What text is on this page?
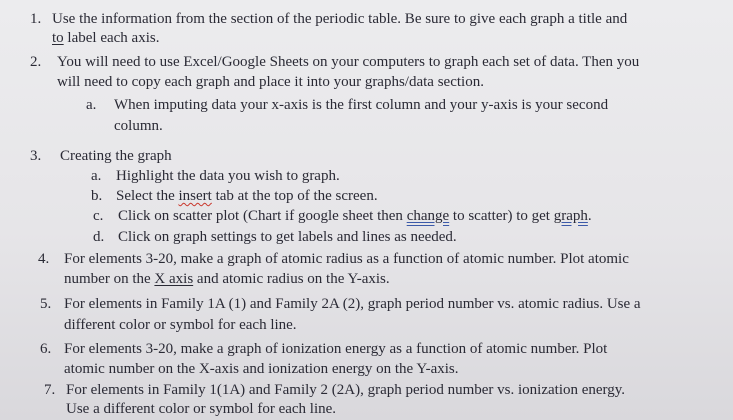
1. Use the information from the section of the periodic table. Be sure to give each graph a title and
to label each axis.
2. You will need to use Excel/Google Sheets on your computers to graph each set of data. Then you
will need to copy each graph and place it into your graphs/data section.
a. When imputing data your x-axis is the first column and your y-axis is your second
column.
3. Creating the graph
a. Highlight the data you wish to graph.
b. Select the insert tab at the top of the screen.
c. Click on scatter plot (Chart if google sheet then change to scatter) to get graph.
d. Click on graph settings to get labels and lines as needed.
4. For elements 3-20, make a graph of atomic radius as a function of atomic number. Plot atomic
number on the X axis and atomic radius on the Y-axis.
5. For elements in Family 1A (1) and Family 2A (2), graph period number vs. atomic radius. Use a
different color or symbol for each line.
6. For elements 3-20, make a graph of ionization energy as a function of atomic number. Plot
atomic number on the X-axis and ionization energy on the Y-axis.
7. For elements in Family 1(1A) and Family 2 (2A), graph period number vs. ionization energy.
Use a different color or symbol for each line.
